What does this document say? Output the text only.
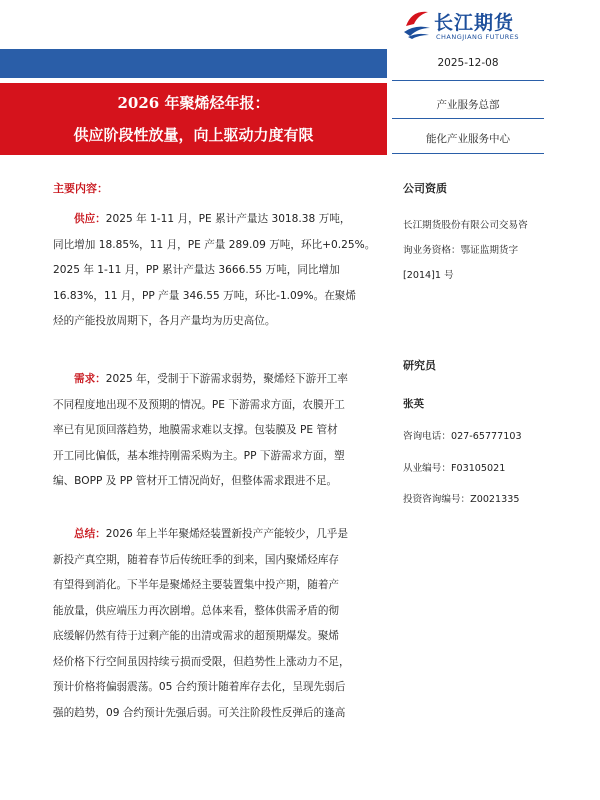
长江期货
CHANGJIANG FUTURES
2026 年聚烯烃年报：
供应阶段性放量，向上驱动力度有限
2025-12-08
产业服务总部
能化产业服务中心
主要内容：
供应：2025 年 1-11 月，PE 累计产量达 3018.38 万吨，
同比增加 18.85%，11 月，PE 产量 289.09 万吨，环比+0.25%。
2025 年 1-11 月，PP 累计产量达 3666.55 万吨，同比增加
16.83%，11 月，PP 产量 346.55 万吨，环比-1.09%。在聚烯
烃的产能投放周期下，各月产量均为历史高位。
需求：2025 年，受制于下游需求弱势，聚烯烃下游开工率
不同程度地出现不及预期的情况。PE 下游需求方面，农膜开工
率已有见顶回落趋势，地膜需求难以支撑。包装膜及 PE 管材
开工同比偏低，基本维持刚需采购为主。PP 下游需求方面，塑
编、BOPP 及 PP 管材开工情况尚好，但整体需求跟进不足。
总结：2026 年上半年聚烯烃装置新投产产能较少，几乎是
新投产真空期，随着春节后传统旺季的到来，国内聚烯烃库存
有望得到消化。下半年是聚烯烃主要装置集中投产期，随着产
能放量，供应端压力再次剧增。总体来看，整体供需矛盾的彻
底缓解仍然有待于过剩产能的出清或需求的超预期爆发。聚烯
烃价格下行空间虽因持续亏损而受限，但趋势性上涨动力不足，
预计价格将偏弱震荡。05 合约预计随着库存去化，呈现先弱后
强的趋势，09 合约预计先强后弱。可关注阶段性反弹后的逢高
公司资质
长江期货股份有限公司交易咨
询业务资格：鄂证监期货字
[2014]1 号
研究员
张英
咨询电话：027-65777103
从业编号：F03105021
投资咨询编号：Z0021335
